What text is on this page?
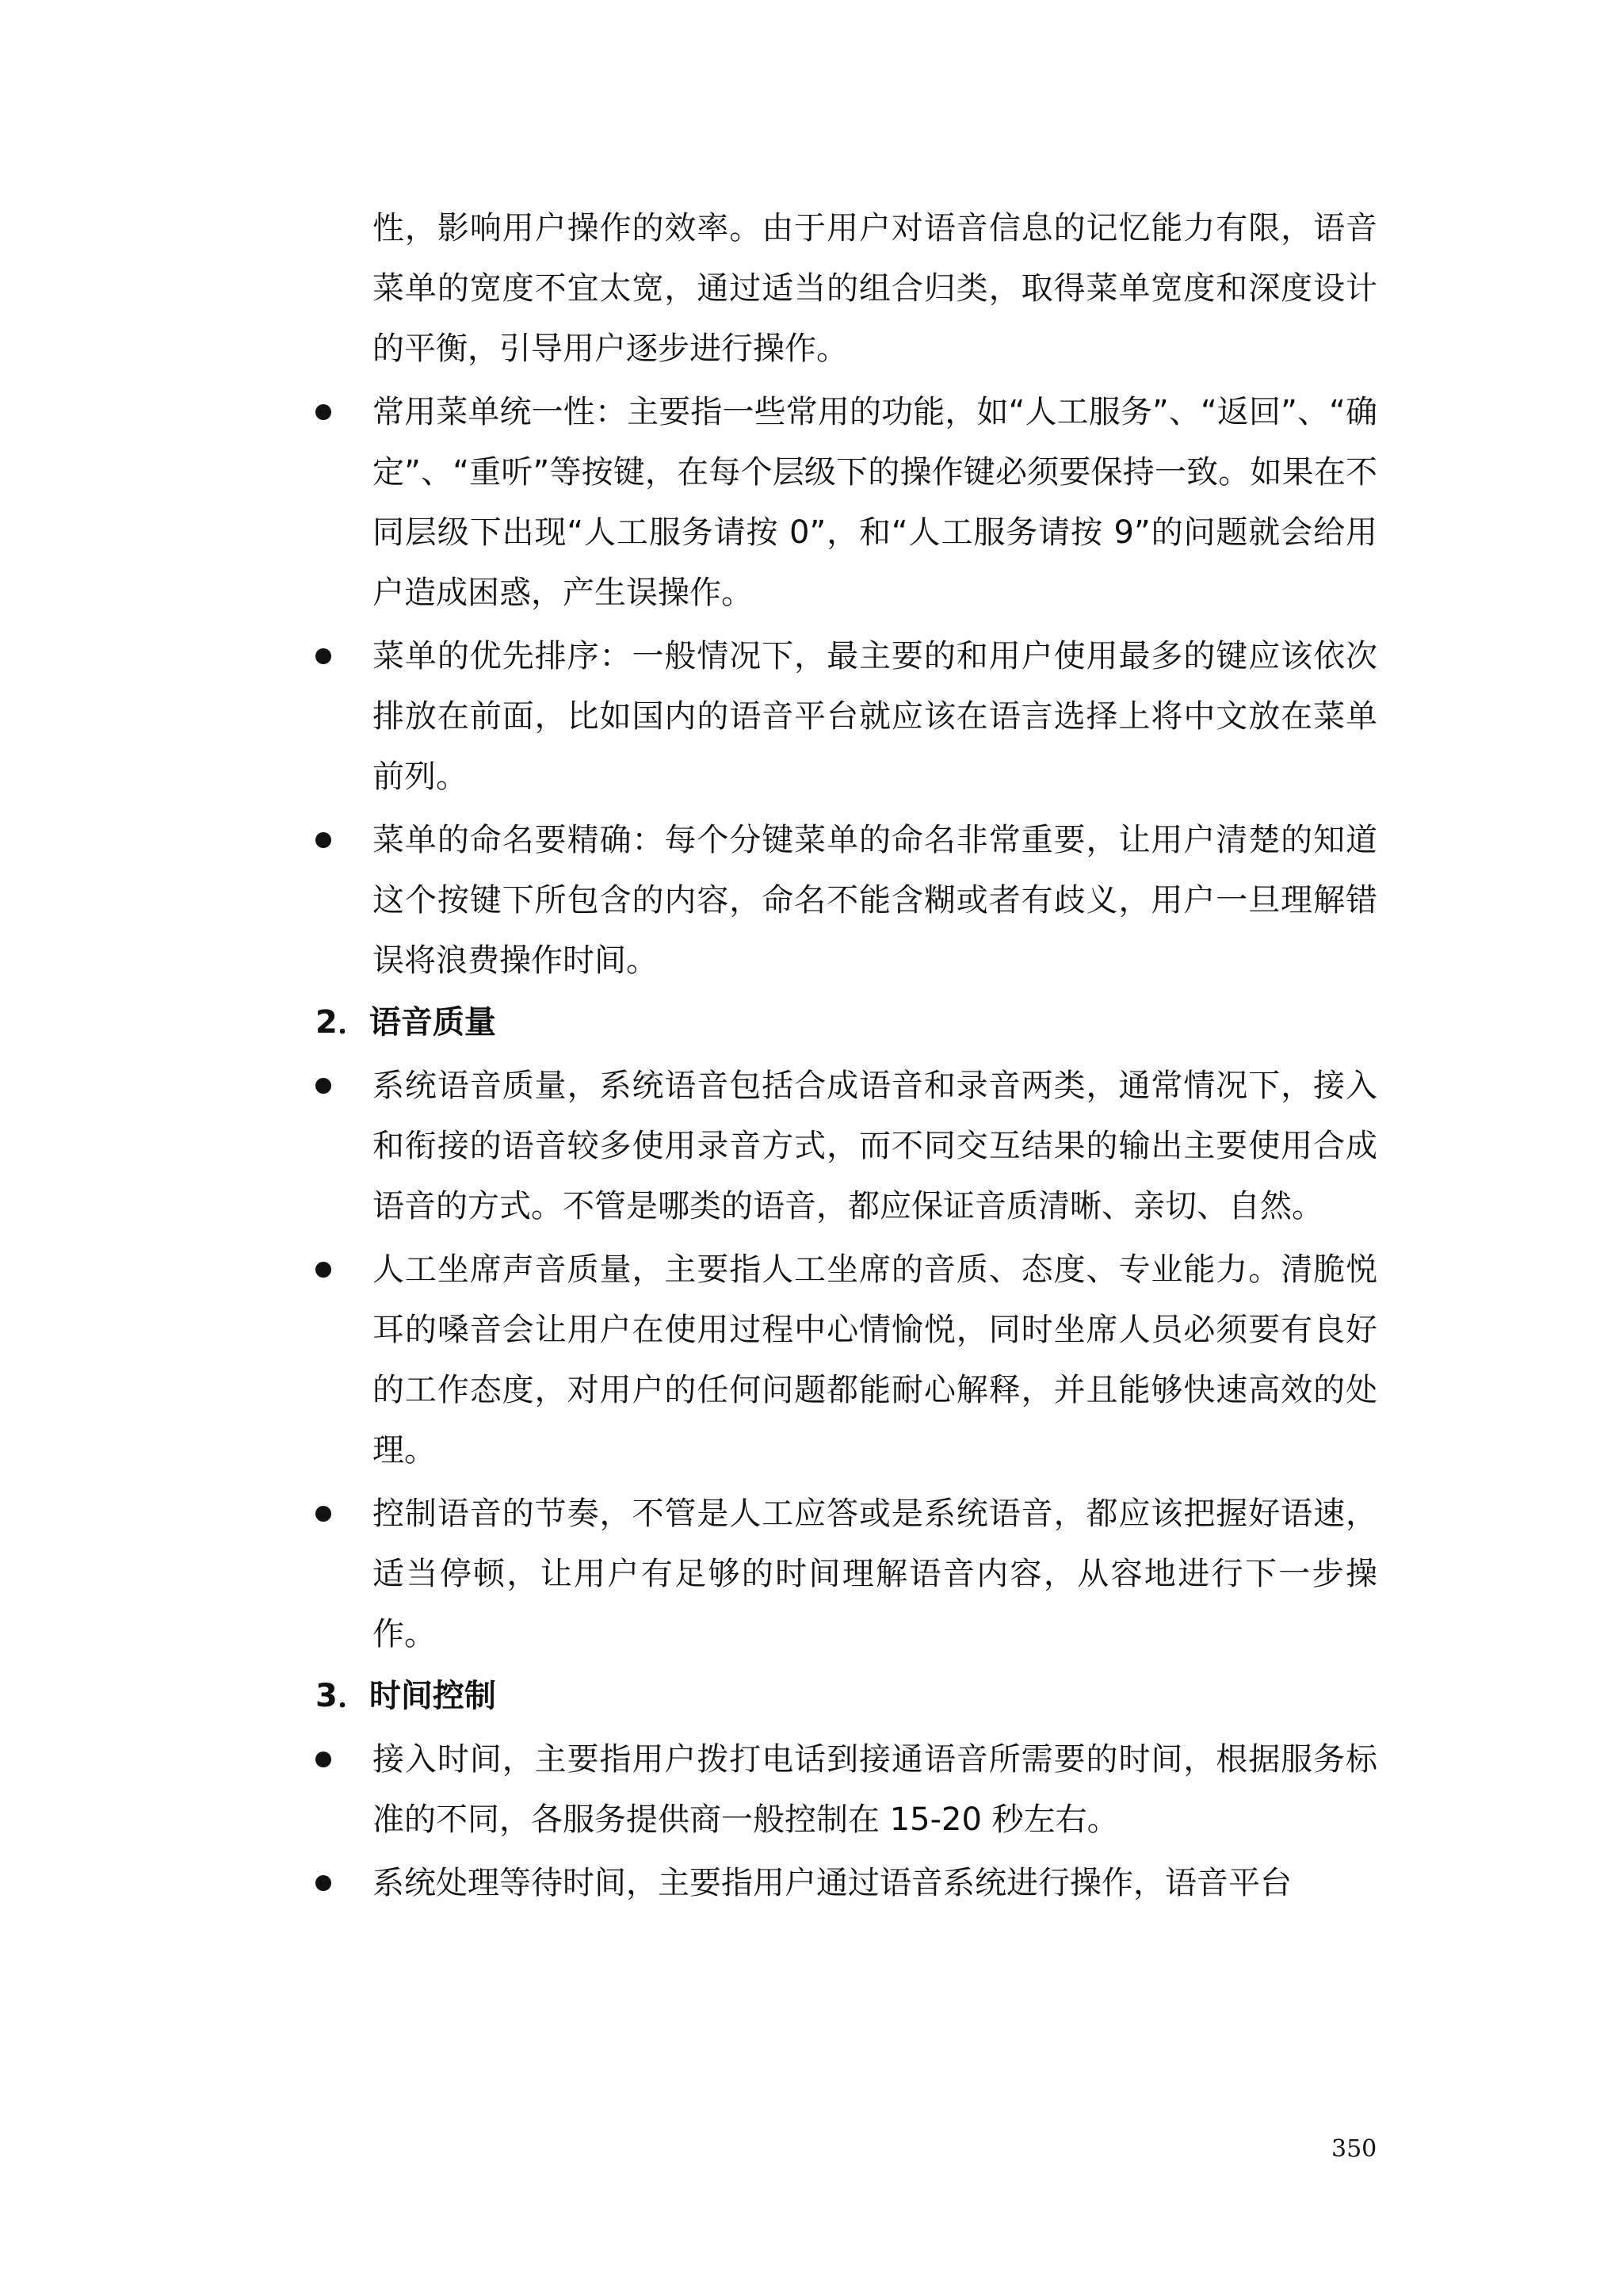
性，影响用户操作的效率。由于用户对语音信息的记忆能力有限，语音菜单的宽度不宜太宽，通过适当的组合归类，取得菜单宽度和深度设计的平衡，引导用户逐步进行操作。

常用菜单统一性：主要指一些常用的功能，如“人工服务”、“返回”、“确定”、“重听”等按键，在每个层级下的操作键必须要保持一致。如果在不同层级下出现“人工服务请按 0”，和“人工服务请按 9”的问题就会给用户造成困惑，产生误操作。
菜单的优先排序：一般情况下，最主要的和用户使用最多的键应该依次排放在前面，比如国内的语音平台就应该在语言选择上将中文放在菜单前列。
菜单的命名要精确：每个分键菜单的命名非常重要，让用户清楚的知道这个按键下所包含的内容，命名不能含糊或者有歧义，用户一旦理解错误将浪费操作时间。
2．语音质量
系统语音质量，系统语音包括合成语音和录音两类，通常情况下，接入和衔接的语音较多使用录音方式，而不同交互结果的输出主要使用合成语音的方式。不管是哪类的语音，都应保证音质清晰、亲切、自然。
人工坐席声音质量，主要指人工坐席的音质、态度、专业能力。清脆悦耳的嗓音会让用户在使用过程中心情愉悦，同时坐席人员必须要有良好的工作态度，对用户的任何问题都能耐心解释，并且能够快速高效的处理。
控制语音的节奏，不管是人工应答或是系统语音，都应该把握好语速，适当停顿，让用户有足够的时间理解语音内容，从容地进行下一步操作。
3．时间控制
接入时间，主要指用户拨打电话到接通语音所需要的时间，根据服务标准的不同，各服务提供商一般控制在 15-20 秒左右。
系统处理等待时间，主要指用户通过语音系统进行操作，语音平台
350
